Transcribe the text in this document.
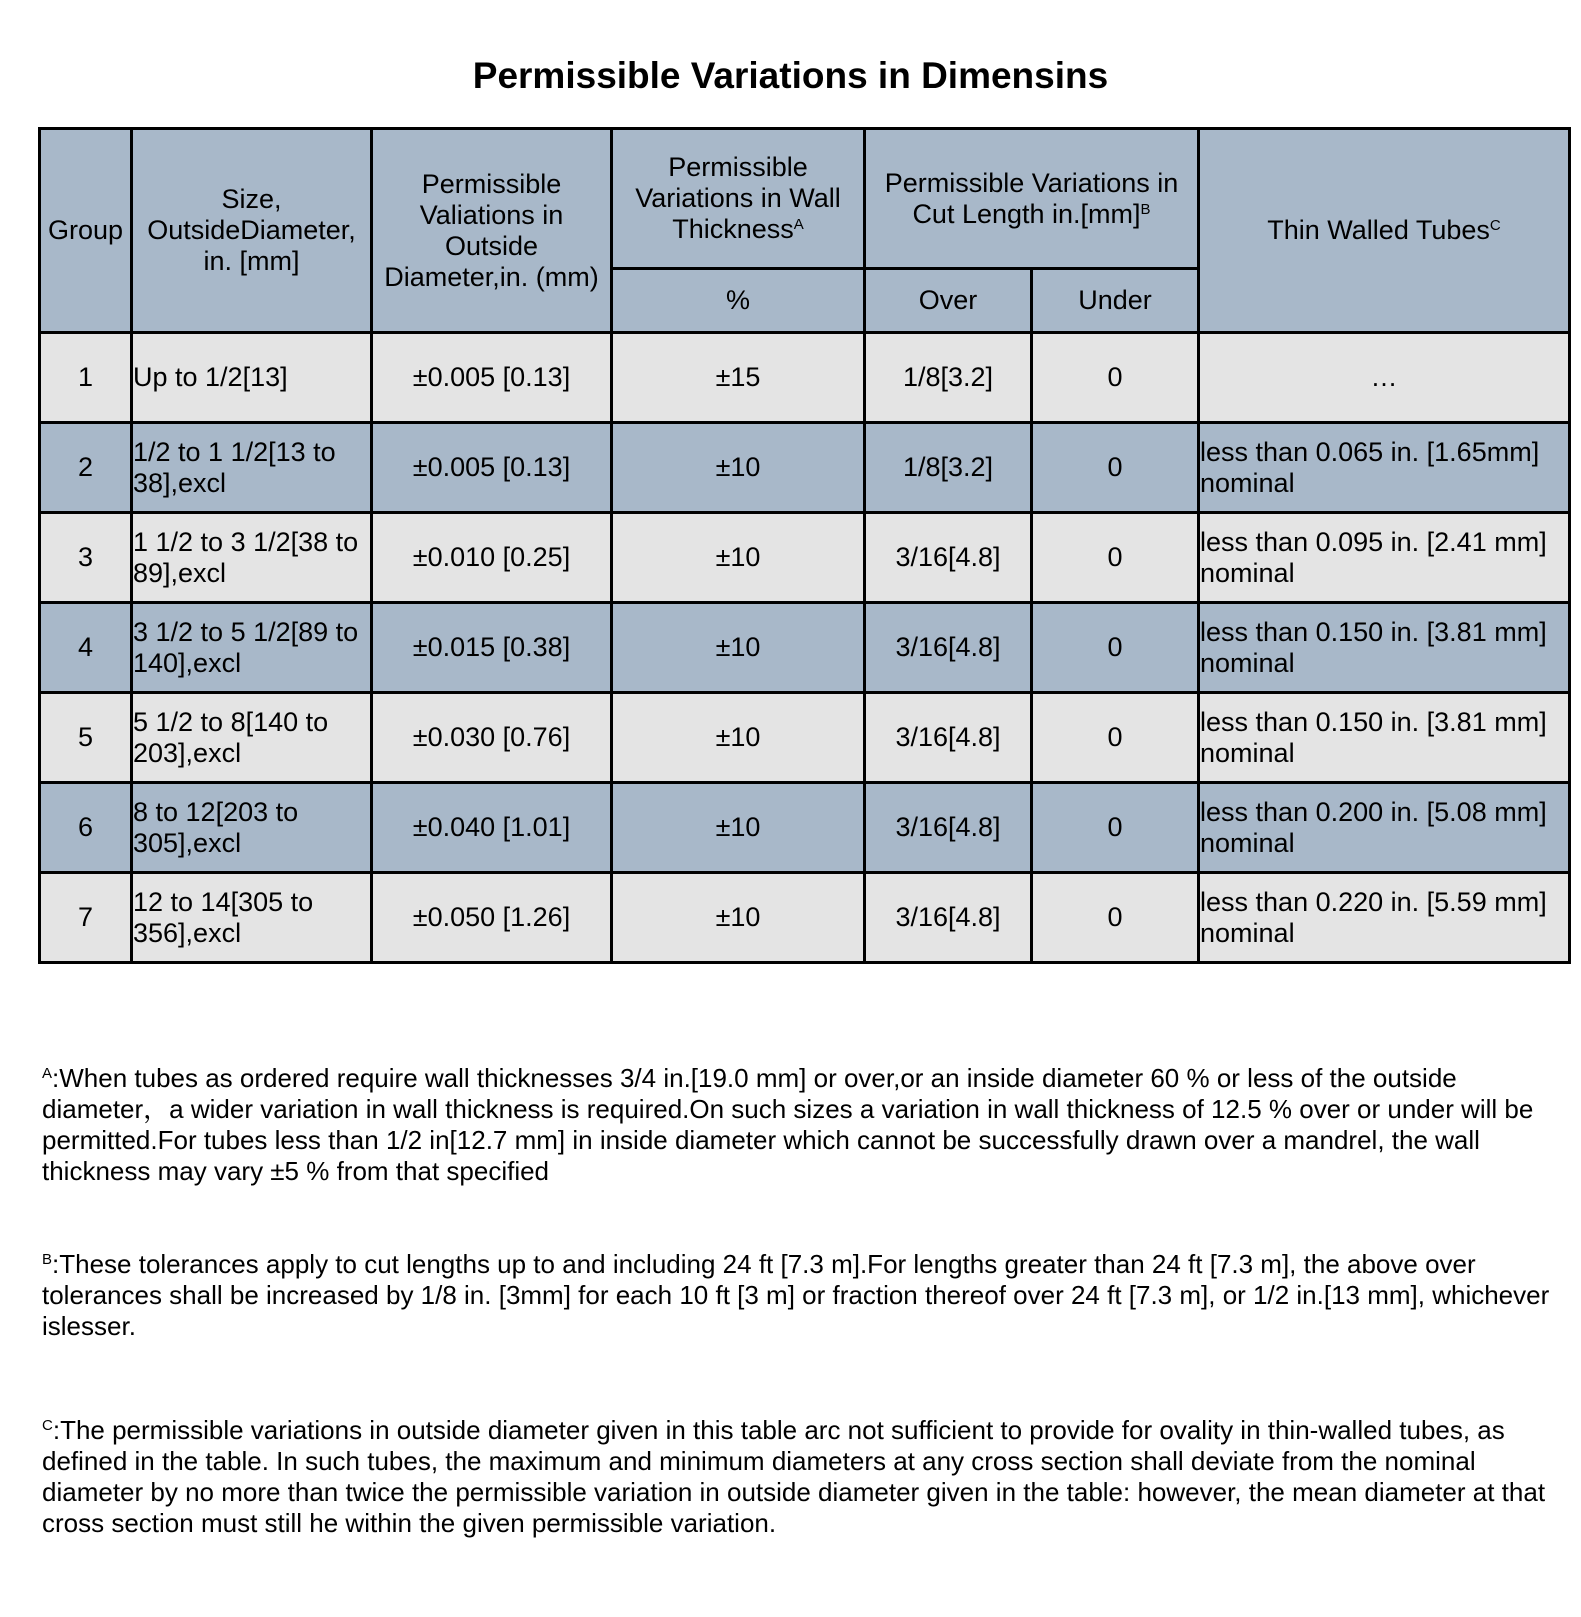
Permissible Variations in Dimensins
Group	Size, OutsideDiameter, in. [mm]	Permissible Valiations in Outside Diameter,in. (mm)	Permissible Variations in Wall Thickness$^A$	Permissible Variations in Cut Length in.[mm]$^B$		Thin Walled Tubes$^C$
			%	Over	Under	
1	Up to 1/2[13]	±0.005 [0.13]	±15	1/8[3.2]	0	…
2	1/2 to 1 1/2[13 to 38],excl	±0.005 [0.13]	±10	1/8[3.2]	0	less than 0.065 in. [1.65mm] nominal
3	1 1/2 to 3 1/2[38 to 89],excl	±0.010 [0.25]	±10	3/16[4.8]	0	less than 0.095 in. [2.41 mm] nominal
4	3 1/2 to 5 1/2[89 to 140],excl	±0.015 [0.38]	±10	3/16[4.8]	0	less than 0.150 in. [3.81 mm] nominal
5	5 1/2 to 8[140 to 203],excl	±0.030 [0.76]	±10	3/16[4.8]	0	less than 0.150 in. [3.81 mm] nominal
6	8 to 12[203 to 305],excl	±0.040 [1.01]	±10	3/16[4.8]	0	less than 0.200 in. [5.08 mm] nominal
7	12 to 14[305 to 356],excl	±0.050 [1.26]	±10	3/16[4.8]	0	less than 0.220 in. [5.59 mm] nominal

$^A$:When tubes as ordered require wall thicknesses 3/4 in.[19.0 mm] or over,or an inside diameter 60 % or less of the outside diameter，a wider variation in wall thickness is required.On such sizes a variation in wall thickness of 12.5 % over or under will be permitted.For tubes less than 1/2 in[12.7 mm] in inside diameter which cannot be successfully drawn over a mandrel, the wall thickness may vary ±5 % from that specified

$^B$:These tolerances apply to cut lengths up to and including 24 ft [7.3 m].For lengths greater than 24 ft [7.3 m], the above over tolerances shall be increased by 1/8 in. [3mm] for each 10 ft [3 m] or fraction thereof over 24 ft [7.3 m], or 1/2 in.[13 mm], whichever islesser.

$^C$:The permissible variations in outside diameter given in this table arc not sufficient to provide for ovality in thin-walled tubes, as defined in the table. In such tubes, the maximum and minimum diameters at any cross section shall deviate from the nominal diameter by no more than twice the permissible variation in outside diameter given in the table: however, the mean diameter at that cross section must still he within the given permissible variation.
